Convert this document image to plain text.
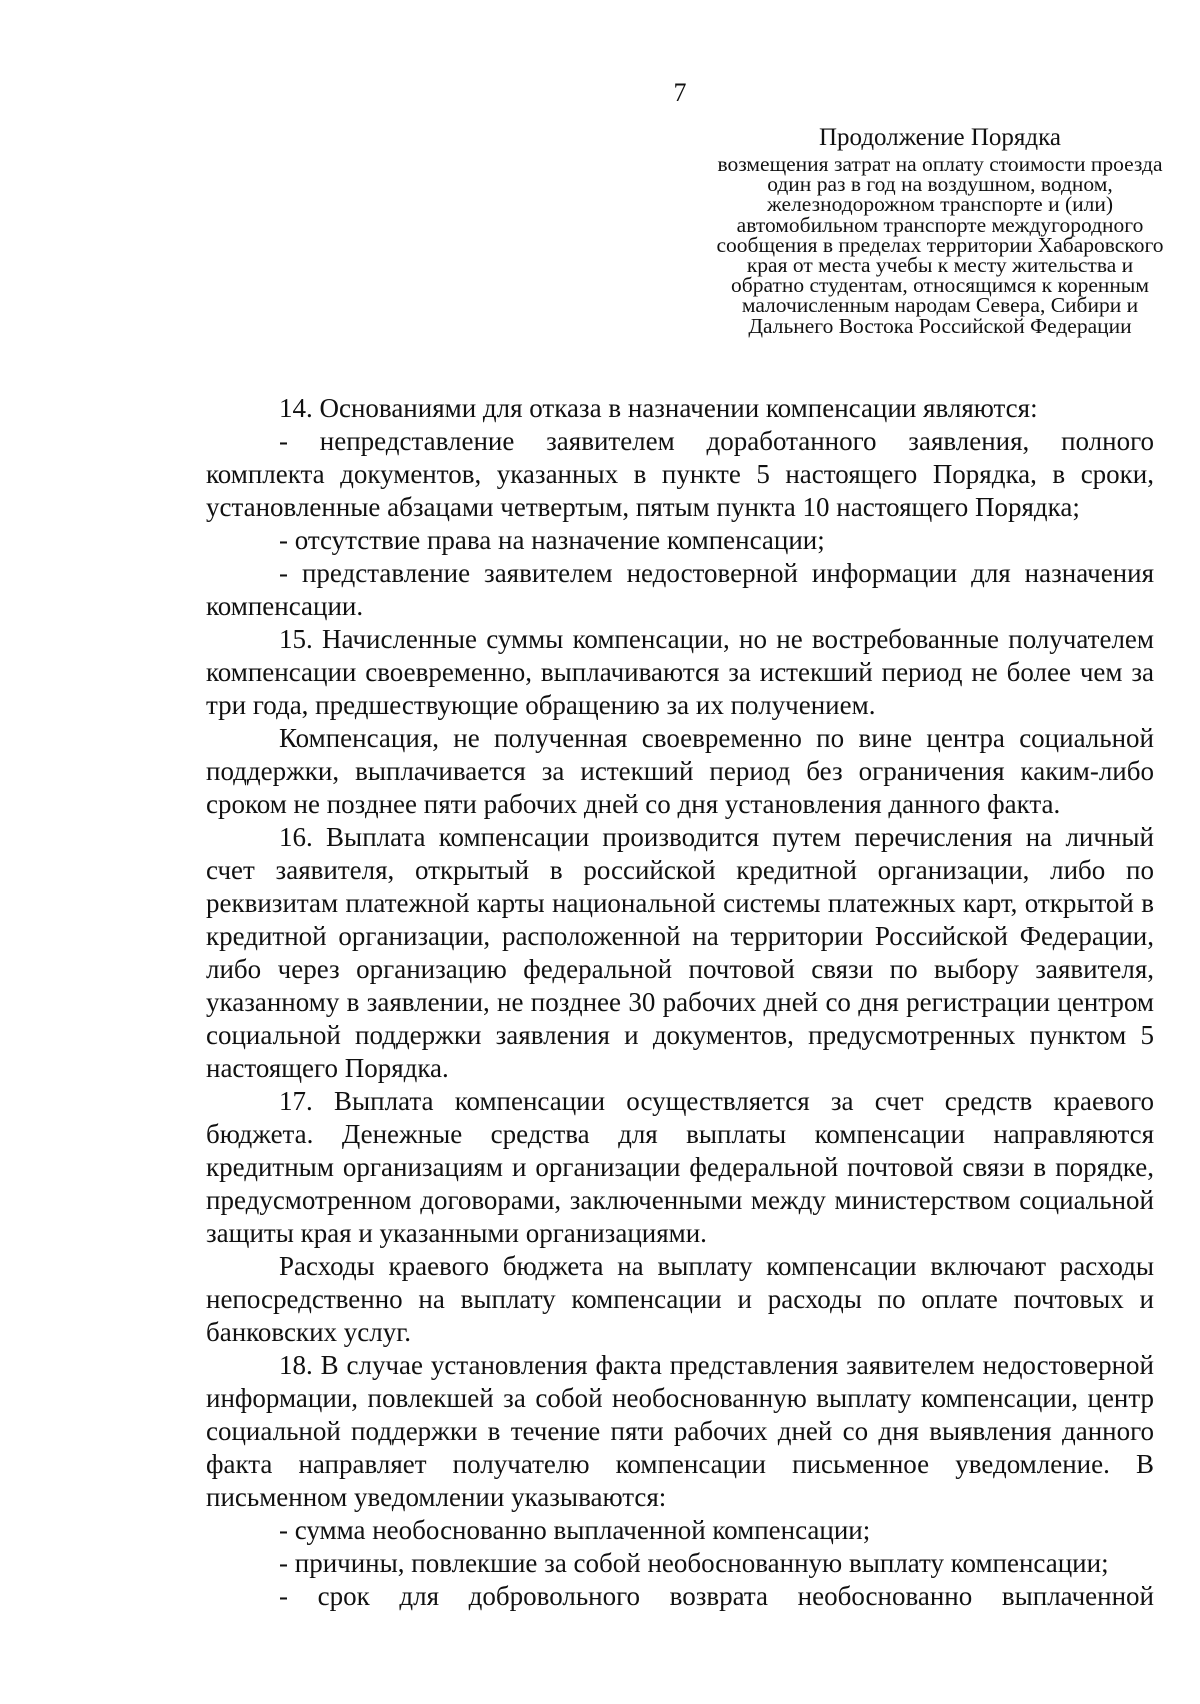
7
Продолжение Порядка
возмещения затрат на оплату стоимости проезда один раз в год на воздушном, водном, железнодорожном транспорте и (или) автомобильном транспорте междугородного сообщения в пределах территории Хабаровского края от места учебы к месту жительства и обратно студентам, относящимся к коренным малочисленным народам Севера, Сибири и Дальнего Востока Российской Федерации

14. Основаниями для отказа в назначении компенсации являются:

- непредставление заявителем доработанного заявления, полного комплекта документов, указанных в пункте 5 настоящего Порядка, в сроки, установленные абзацами четвертым, пятым пункта 10 настоящего Порядка;

- отсутствие права на назначение компенсации;

- представление заявителем недостоверной информации для назначения компенсации.

15. Начисленные суммы компенсации, но не востребованные получателем компенсации своевременно, выплачиваются за истекший период не более чем за три года, предшествующие обращению за их получением.

Компенсация, не полученная своевременно по вине центра социальной поддержки, выплачивается за истекший период без ограничения каким-либо сроком не позднее пяти рабочих дней со дня установления данного факта.

16. Выплата компенсации производится путем перечисления на личный счет заявителя, открытый в российской кредитной организации, либо по реквизитам платежной карты национальной системы платежных карт, открытой в кредитной организации, расположенной на территории Российской Федерации, либо через организацию федеральной почтовой связи по выбору заявителя, указанному в заявлении, не позднее 30 рабочих дней со дня регистрации центром социальной поддержки заявления и документов, предусмотренных пунктом 5 настоящего Порядка.

17. Выплата компенсации осуществляется за счет средств краевого бюджета. Денежные средства для выплаты компенсации направляются кредитным организациям и организации федеральной почтовой связи в порядке, предусмотренном договорами, заключенными между министерством социальной защиты края и указанными организациями.

Расходы краевого бюджета на выплату компенсации включают расходы непосредственно на выплату компенсации и расходы по оплате почтовых и банковских услуг.

18. В случае установления факта представления заявителем недостоверной информации, повлекшей за собой необоснованную выплату компенсации, центр социальной поддержки в течение пяти рабочих дней со дня выявления данного факта направляет получателю компенсации письменное уведомление. В письменном уведомлении указываются:

- сумма необоснованно выплаченной компенсации;

- причины, повлекшие за собой необоснованную выплату компенсации;

- срок для добровольного возврата необоснованно выплаченной
